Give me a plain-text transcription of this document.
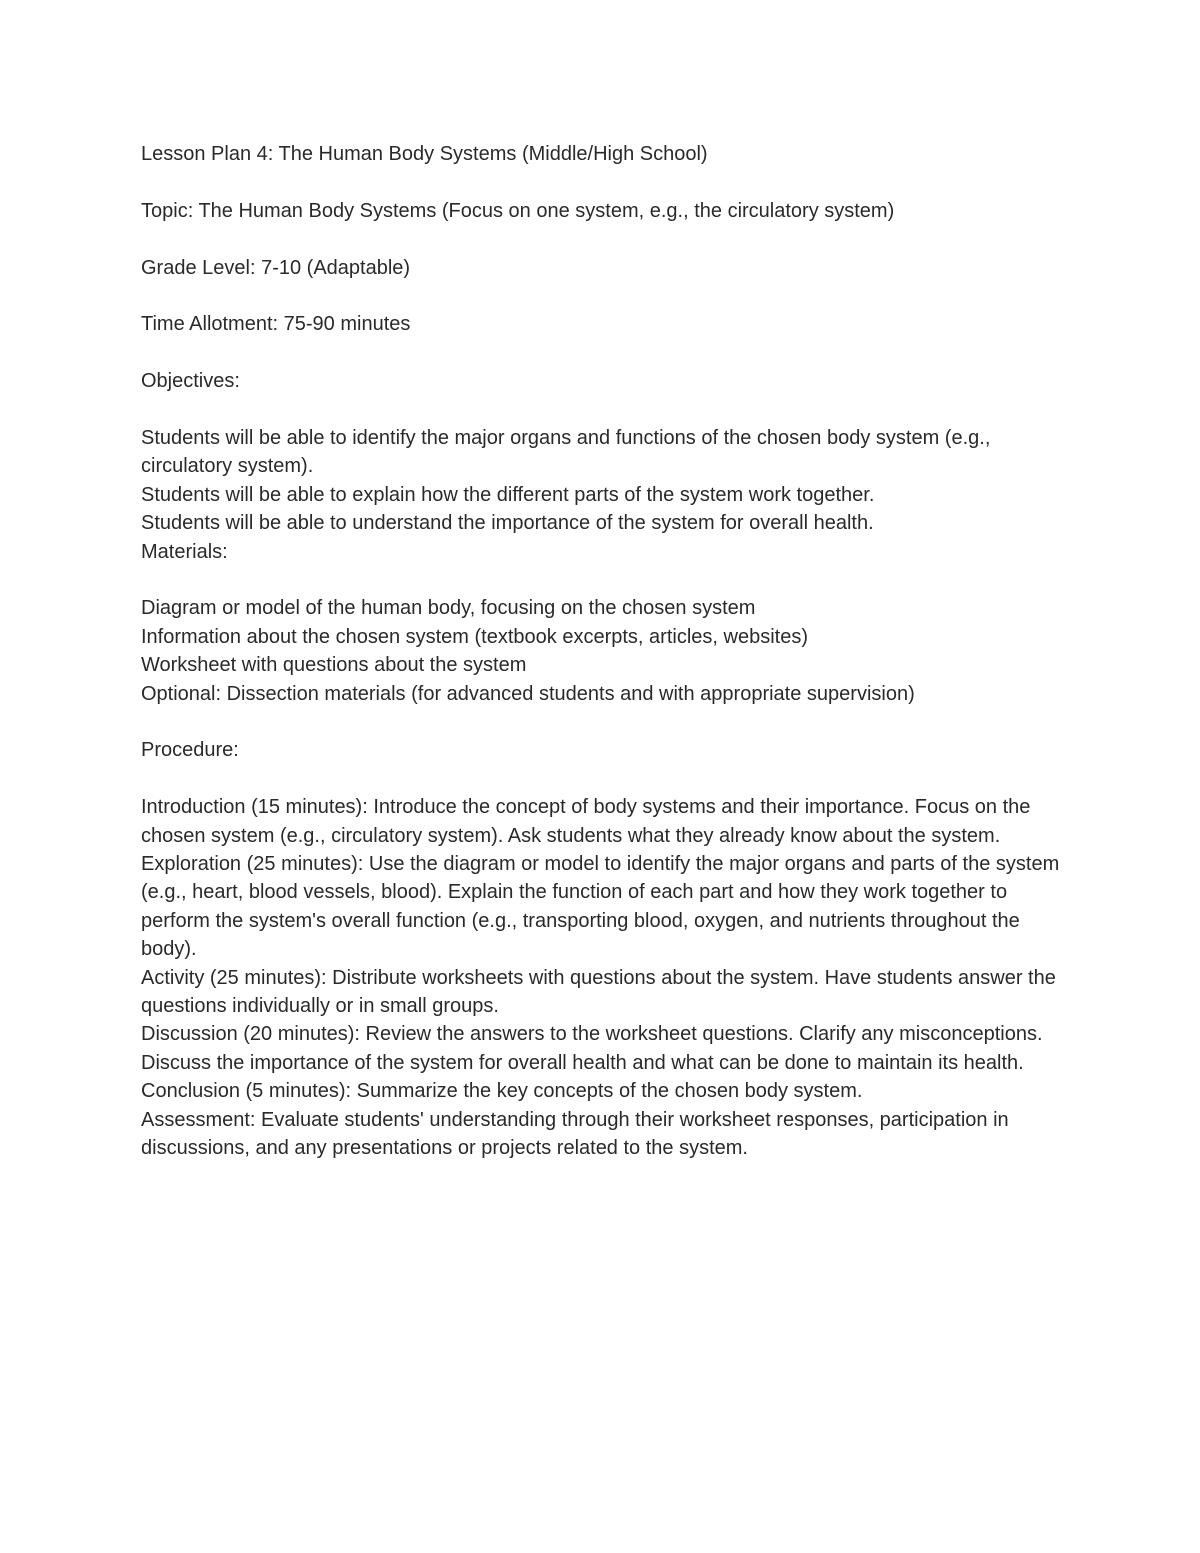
Lesson Plan 4: The Human Body Systems (Middle/High School)

Topic: The Human Body Systems (Focus on one system, e.g., the circulatory system)

Grade Level: 7-10 (Adaptable)

Time Allotment: 75-90 minutes

Objectives:

Students will be able to identify the major organs and functions of the chosen body system (e.g., circulatory system).

Students will be able to explain how the different parts of the system work together.

Students will be able to understand the importance of the system for overall health.

Materials:

Diagram or model of the human body, focusing on the chosen system

Information about the chosen system (textbook excerpts, articles, websites)

Worksheet with questions about the system

Optional: Dissection materials (for advanced students and with appropriate supervision)

Procedure:

Introduction (15 minutes): Introduce the concept of body systems and their importance. Focus on the chosen system (e.g., circulatory system). Ask students what they already know about the system.

Exploration (25 minutes): Use the diagram or model to identify the major organs and parts of the system (e.g., heart, blood vessels, blood). Explain the function of each part and how they work together to perform the system's overall function (e.g., transporting blood, oxygen, and nutrients throughout the body).

Activity (25 minutes): Distribute worksheets with questions about the system. Have students answer the questions individually or in small groups.

Discussion (20 minutes): Review the answers to the worksheet questions. Clarify any misconceptions. Discuss the importance of the system for overall health and what can be done to maintain its health.

Conclusion (5 minutes): Summarize the key concepts of the chosen body system.

Assessment: Evaluate students' understanding through their worksheet responses, participation in discussions, and any presentations or projects related to the system.
